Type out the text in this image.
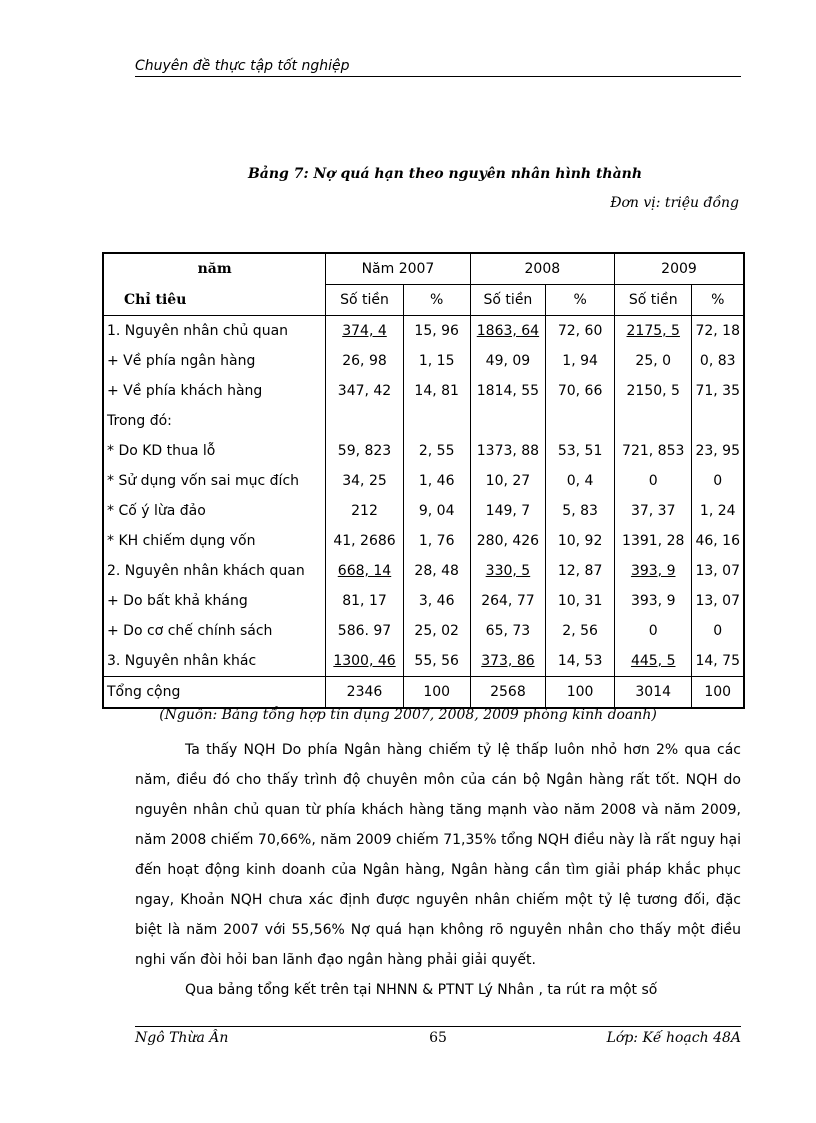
Chuyên đề thực tập tốt nghiệp
Bảng 7: Nợ quá hạn theo nguyên nhân hình thành
Đơn vị: triệu đồng
năm	Năm 2007		2008		2009	
Chỉ tiêu	Số tiền	%	Số tiền	%	Số tiền	%
1. Nguyên nhân chủ quan	374, 4	15, 96	1863, 64	72, 60	2175, 5	72, 18
+ Về phía ngân hàng	26, 98	1, 15	49, 09	1, 94	25, 0	0, 83
+ Về phía khách hàng	347, 42	14, 81	1814, 55	70, 66	2150, 5	71, 35
Trong đó:						
* Do KD thua lỗ	59, 823	2, 55	1373, 88	53, 51	721, 853	23, 95
* Sử dụng vốn sai mục đích	34, 25	1, 46	10, 27	0, 4	0	0
* Cố ý lừa đảo	212	9, 04	149, 7	5, 83	37, 37	1, 24
* KH chiếm dụng vốn	41, 2686	1, 76	280, 426	10, 92	1391, 28	46, 16
2. Nguyên nhân khách quan	668, 14	28, 48	330, 5	12, 87	393, 9	13, 07
+ Do bất khả kháng	81, 17	3, 46	264, 77	10, 31	393, 9	13, 07
+ Do cơ chế chính sách	586. 97	25, 02	65, 73	2, 56	0	0
3. Nguyên nhân khác	1300, 46	55, 56	373, 86	14, 53	445, 5	14, 75
Tổng cộng	2346	100	2568	100	3014	100
(Nguồn: Bảng tổng hợp tín dụng 2007, 2008, 2009 phòng kinh doanh)

Ta thấy NQH Do phía Ngân hàng chiếm tỷ lệ thấp luôn nhỏ hơn 2% qua các năm, điều đó cho thấy trình độ chuyên môn của cán bộ Ngân hàng rất tốt. NQH do nguyên nhân chủ quan từ phía khách hàng tăng mạnh vào năm 2008 và năm 2009, năm 2008 chiếm 70,66%, năm 2009 chiếm 71,35% tổng NQH điều này là rất nguy hại đến hoạt động kinh doanh của Ngân hàng, Ngân hàng cần tìm giải pháp khắc phục ngay, Khoản NQH chưa xác định được nguyên nhân chiếm một tỷ lệ tương đối, đặc biệt là năm 2007 với 55,56% Nợ quá hạn không rõ nguyên nhân cho thấy một điều nghi vấn đòi hỏi ban lãnh đạo ngân hàng phải giải quyết.

Qua bảng tổng kết trên tại NHNN & PTNT Lý Nhân , ta rút ra một số

Ngô Thừa Ân	65	Lớp: Kế hoạch 48A
